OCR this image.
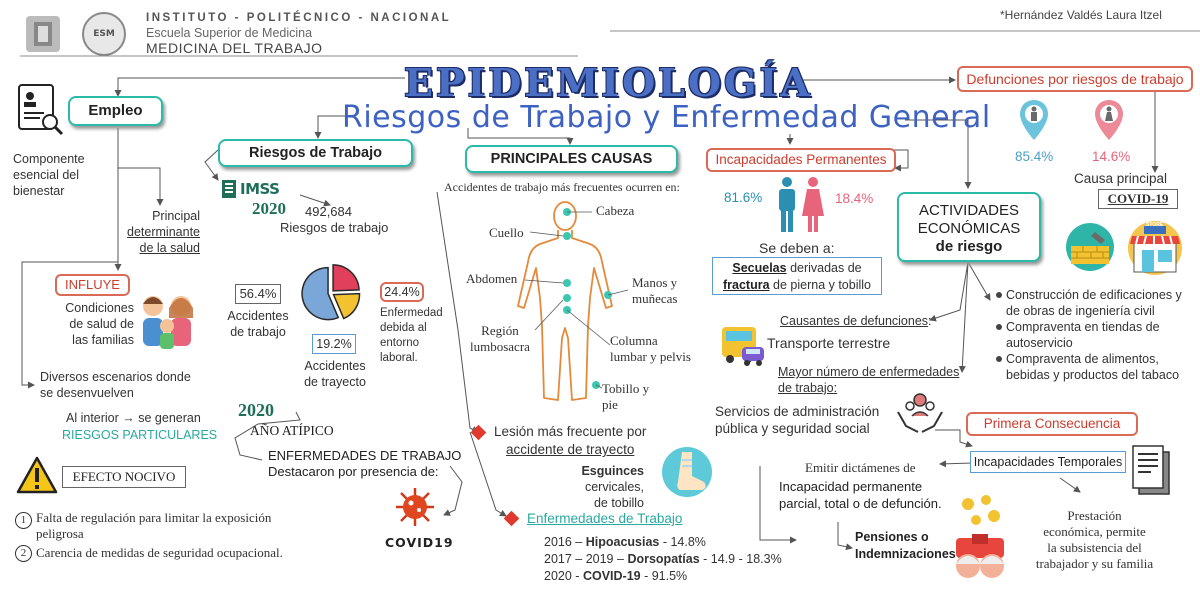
ESM
INSTITUTO - POLITÉCNICO - NACIONAL
Escuela Superior de Medicina
MEDICINA DEL TRABAJO
*Hernández Valdés Laura Itzel
EPIDEMIOLOGÍA
Riesgos de Trabajo y Enfermedad General
Empleo
Componente
esencial del
bienestar
Principal
determinante
de la salud
INFLUYE
Condiciones
de salud de
las familias
Diversos escenarios donde
se desenvuelven
Al interior → se generan
RIESGOS PARTICULARES
EFECTO NOCIVO
1 Falta de regulación para limitar la exposición
peligrosa
2 Carencia de medidas de seguridad ocupacional.
Riesgos de Trabajo
IMSS
2020 492,684
Riesgos de trabajo
56.4%
Accidentes
de trabajo
19.2%
Accidentes
de trayecto
24.4%
Enfermedad
debida al
entorno
laboral.
2020
AÑO ATÍPICO
ENFERMEDADES DE TRABAJO
Destacaron por presencia de:
COVID19
PRINCIPALES CAUSAS
Accidentes de trabajo más frecuentes ocurren en:
Cabeza
Cuello
Abdomen	Manos y
muñecas
Región
lumbosacra	Columna
lumbar y pelvis
Tobillo y
pie
Lesión más frecuente por
accidente de trayecto
Esguinces cervicales,
de tobillo
Enfermedades de Trabajo
2016 – Hipoacusias - 14.8%
2017 – 2019 – Dorsopatías - 14.9 - 18.3%
2020 - COVID-19 - 91.5%
Incapacidades Permanentes
81.6%	18.4%
Se deben a:
Secuelas derivadas de
fractura de pierna y tobillo
Defunciones por riesgos de trabajo
85.4%	14.6%
Causa principal
COVID-19
ACTIVIDADES
ECONÓMICAS
de riesgo
STORE
Construcción de edificaciones y
de obras de ingeniería civil
Compraventa en tiendas de
autoservicio
Compraventa de alimentos,
bebidas y productos del tabaco
Causantes de defunciones:
Transporte terrestre
Mayor número de enfermedades
de trabajo:
Servicios de administración
pública y seguridad social	Primera Consecuencia
Incapacidades Temporales
Emitir dictámenes de
Incapacidad permanente
parcial, total o de defunción.
Pensiones o
Indemnizaciones
Prestación
económica, permite
la subsistencia del
trabajador y su familia
